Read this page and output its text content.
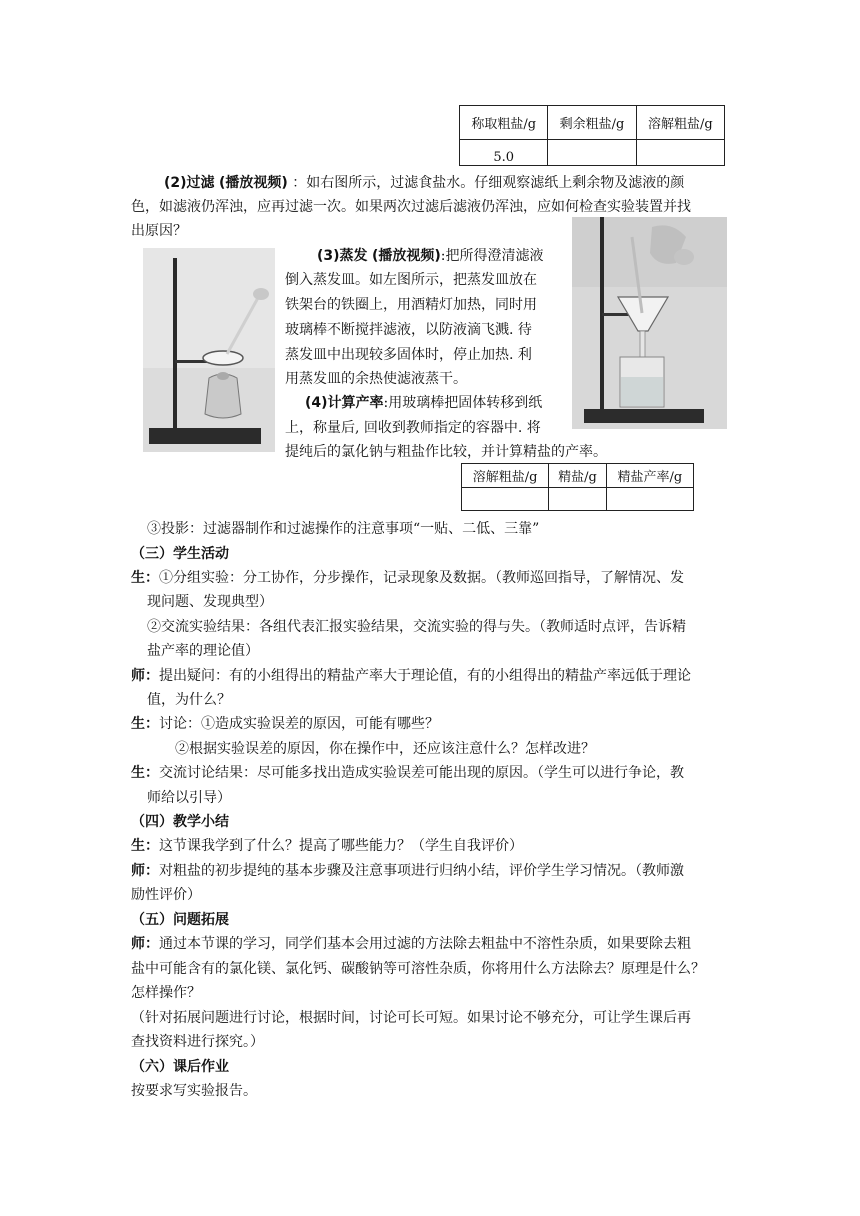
称取粗盐/g	剩余粗盐/g	溶解粗盐/g
5.0		
(2)过滤 (播放视频) ：如右图所示，过滤食盐水。仔细观察滤纸上剩余物及滤液的颜
色，如滤液仍浑浊，应再过滤一次。如果两次过滤后滤液仍浑浊，应如何检查实验装置并找
出原因？
(3)蒸发 (播放视频):把所得澄清滤液
倒入蒸发皿。如左图所示，把蒸发皿放在
铁架台的铁圈上，用酒精灯加热，同时用
玻璃棒不断搅拌滤液，以防液滴飞溅. 待
蒸发皿中出现较多固体时，停止加热. 利
用蒸发皿的余热使滤液蒸干。
(4)计算产率:用玻璃棒把固体转移到纸
上，称量后, 回收到教师指定的容器中. 将
提纯后的氯化钠与粗盐作比较，并计算精盐的产率。
溶解粗盐/g	精盐/g	精盐产率/g

③投影：过滤器制作和过滤操作的注意事项“一贴、二低、三靠”
（三）学生活动
生：①分组实验：分工协作，分步操作，记录现象及数据。（教师巡回指导，了解情况、发
现问题、发现典型）
②交流实验结果：各组代表汇报实验结果，交流实验的得与失。（教师适时点评，告诉精
盐产率的理论值）
师：提出疑问：有的小组得出的精盐产率大于理论值，有的小组得出的精盐产率远低于理论
值，为什么？
生：讨论：①造成实验误差的原因，可能有哪些？
②根据实验误差的原因，你在操作中，还应该注意什么？怎样改进？
生：交流讨论结果：尽可能多找出造成实验误差可能出现的原因。（学生可以进行争论，教
师给以引导）
（四）教学小结
生：这节课我学到了什么？提高了哪些能力？（学生自我评价）
师：对粗盐的初步提纯的基本步骤及注意事项进行归纳小结，评价学生学习情况。（教师激
励性评价）
（五）问题拓展
师：通过本节课的学习，同学们基本会用过滤的方法除去粗盐中不溶性杂质，如果要除去粗
盐中可能含有的氯化镁、氯化钙、碳酸钠等可溶性杂质，你将用什么方法除去？原理是什么？
怎样操作？
（针对拓展问题进行讨论，根据时间，讨论可长可短。如果讨论不够充分，可让学生课后再
查找资料进行探究。）
（六）课后作业
按要求写实验报告。
